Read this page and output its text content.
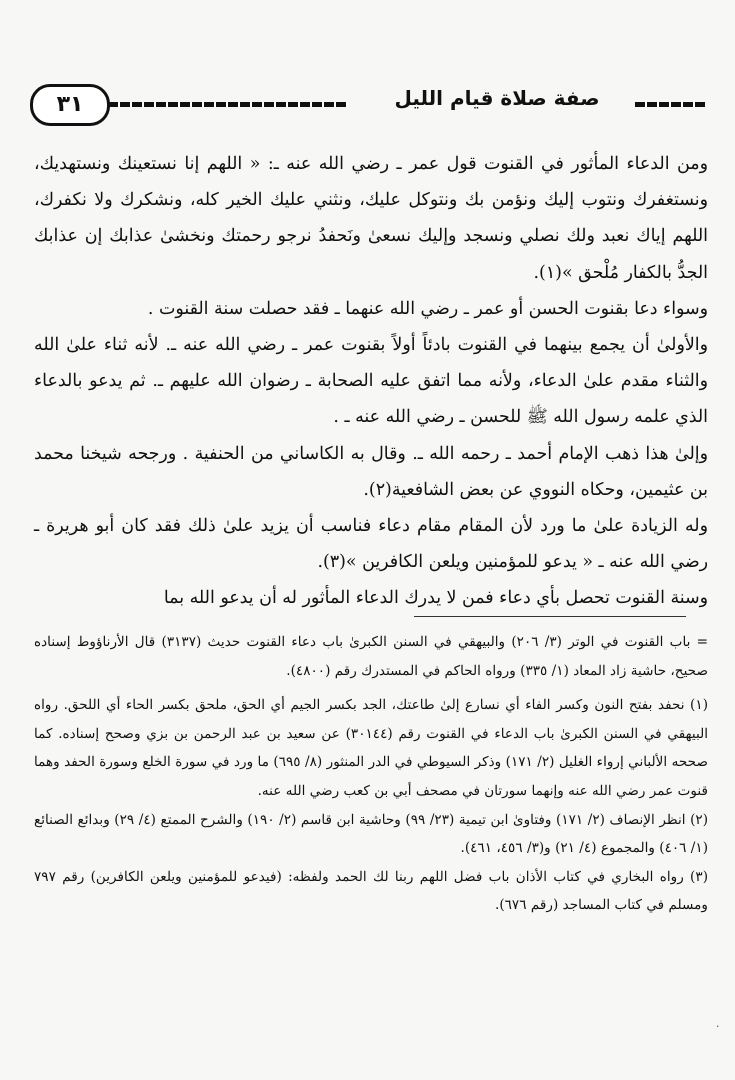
٣١	صفة صلاة قيام الليل

ومن الدعاء المأثور في القنوت قول عمر ـ رضي الله عنه ـ: « اللهم إنا نستعينك ونستهديك، ونستغفرك ونتوب إليك ونؤمن بك ونتوكل عليك، ونثني عليك الخير كله، ونشكرك ولا نكفرك، اللهم إياك نعبد ولك نصلي ونسجد وإليك نسعىٰ ونَحفدُ نرجو رحمتك ونخشىٰ عذابك إن عذابك الجدُّ بالكفار مُلْحق »(١).

وسواء دعا بقنوت الحسن أو عمر ـ رضي الله عنهما ـ فقد حصلت سنة القنوت .

والأولىٰ أن يجمع بينهما في القنوت بادئاً أولاً بقنوت عمر ـ رضي الله عنه ـ. لأنه ثناء علىٰ الله والثناء مقدم علىٰ الدعاء، ولأنه مما اتفق عليه الصحابة ـ رضوان الله عليهم ـ. ثم يدعو بالدعاء الذي علمه رسول الله ﷺ للحسن ـ رضي الله عنه ـ .

وإلىٰ هذا ذهب الإمام أحمد ـ رحمه الله ـ. وقال به الكاساني من الحنفية . ورجحه شيخنا محمد بن عثيمين، وحكاه النووي عن بعض الشافعية(٢).

وله الزيادة علىٰ ما ورد لأن المقام مقام دعاء فناسب أن يزيد علىٰ ذلك فقد كان أبو هريرة ـ رضي الله عنه ـ « يدعو للمؤمنين ويلعن الكافرين »(٣).

وسنة القنوت تحصل بأي دعاء فمن لا يدرك الدعاء المأثور له أن يدعو الله بما

= باب القنوت في الوتر (٣/ ٢٠٦) والبيهقي في السنن الكبرىٰ باب دعاء القنوت حديث (٣١٣٧) قال الأرناؤوط إسناده صحيح، حاشية زاد المعاد (١/ ٣٣٥) ورواه الحاكم في المستدرك رقم (٤٨٠٠).

(١) نحفد بفتح النون وكسر الفاء أي نسارع إلىٰ طاعتك، الجد بكسر الجيم أي الحق، ملحق بكسر الحاء أي اللحق. رواه البيهقي في السنن الكبرىٰ باب الدعاء في القنوت رقم (٣٠١٤٤) عن سعيد بن عبد الرحمن بن بزي وصحح إسناده. كما صححه الألباني إرواء الغليل (٢/ ١٧١) وذكر السيوطي في الدر المنثور (٨/ ٦٩٥) ما ورد في سورة الخلع وسورة الحفد وهما قنوت عمر رضي الله عنه وإنهما سورتان في مصحف أبي بن كعب رضي الله عنه.

(٢) انظر الإنصاف (٢/ ١٧١) وفتاوىٰ ابن تيمية (٢٣/ ٩٩) وحاشية ابن قاسم (٢/ ١٩٠) والشرح الممتع (٤/ ٢٩) وبدائع الصنائع (١/ ٤٠٦) والمجموع (٤/ ٢١) و(٣/ ٤٥٦، ٤٦١).

(٣) رواه البخاري في كتاب الأذان باب فضل اللهم ربنا لك الحمد ولفظه: (فيدعو للمؤمنين ويلعن الكافرين) رقم ٧٩٧ ومسلم في كتاب المساجد (رقم ٦٧٦).

·
